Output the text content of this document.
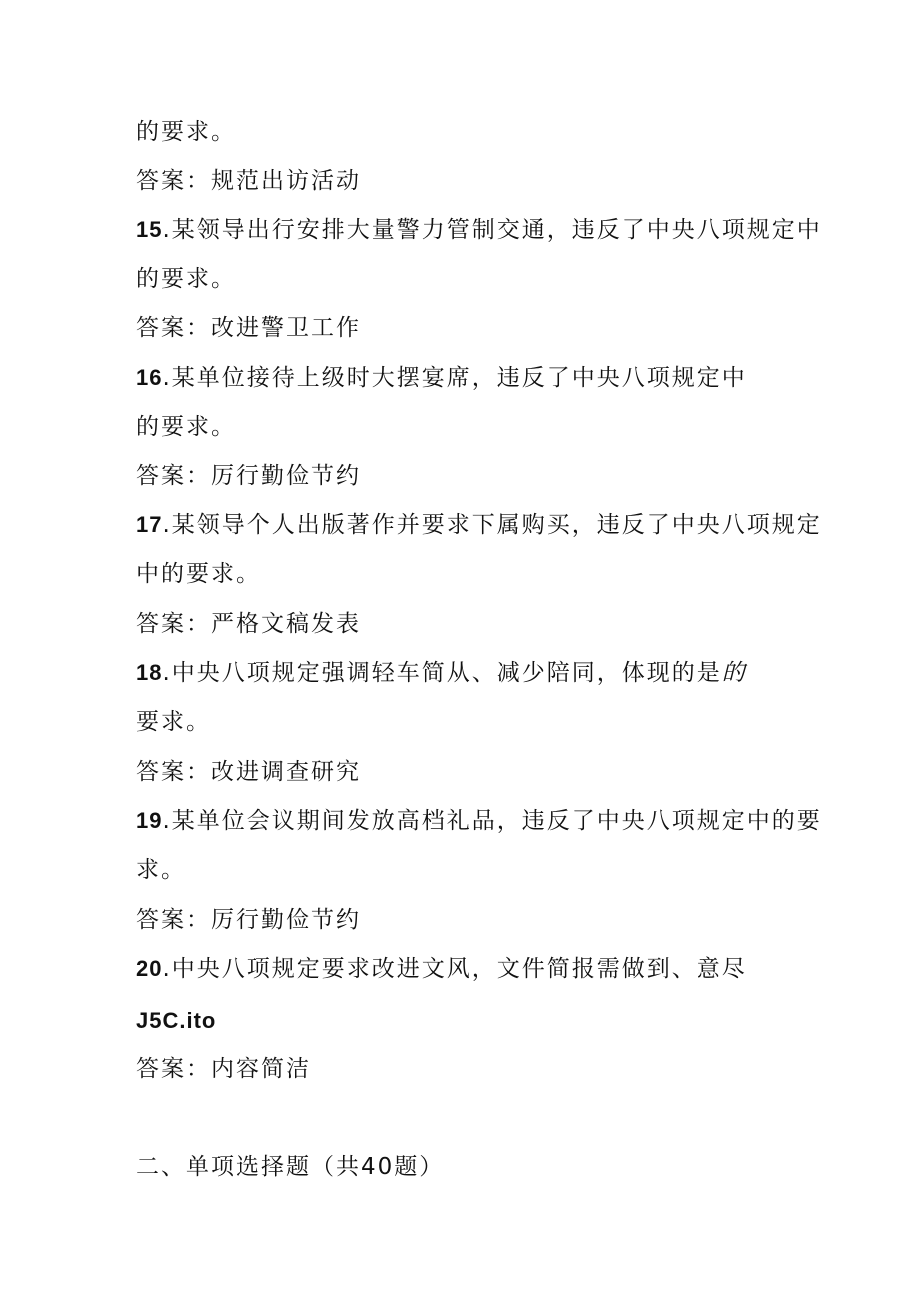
的要求。
答案：规范出访活动
15.某领导出行安排大量警力管制交通，违反了中央八项规定中
的要求。
答案：改进警卫工作
16.某单位接待上级时大摆宴席，违反了中央八项规定中
的要求。
答案：厉行勤俭节约
17.某领导个人出版著作并要求下属购买，违反了中央八项规定
中的要求。
答案：严格文稿发表
18.中央八项规定强调轻车简从、减少陪同，体现的是的
要求。
答案：改进调查研究
19.某单位会议期间发放高档礼品，违反了中央八项规定中的要
求。
答案：厉行勤俭节约
20.中央八项规定要求改进文风，文件简报需做到、意尽
J5C.ito
答案：内容简洁
二、单项选择题（共40题）
